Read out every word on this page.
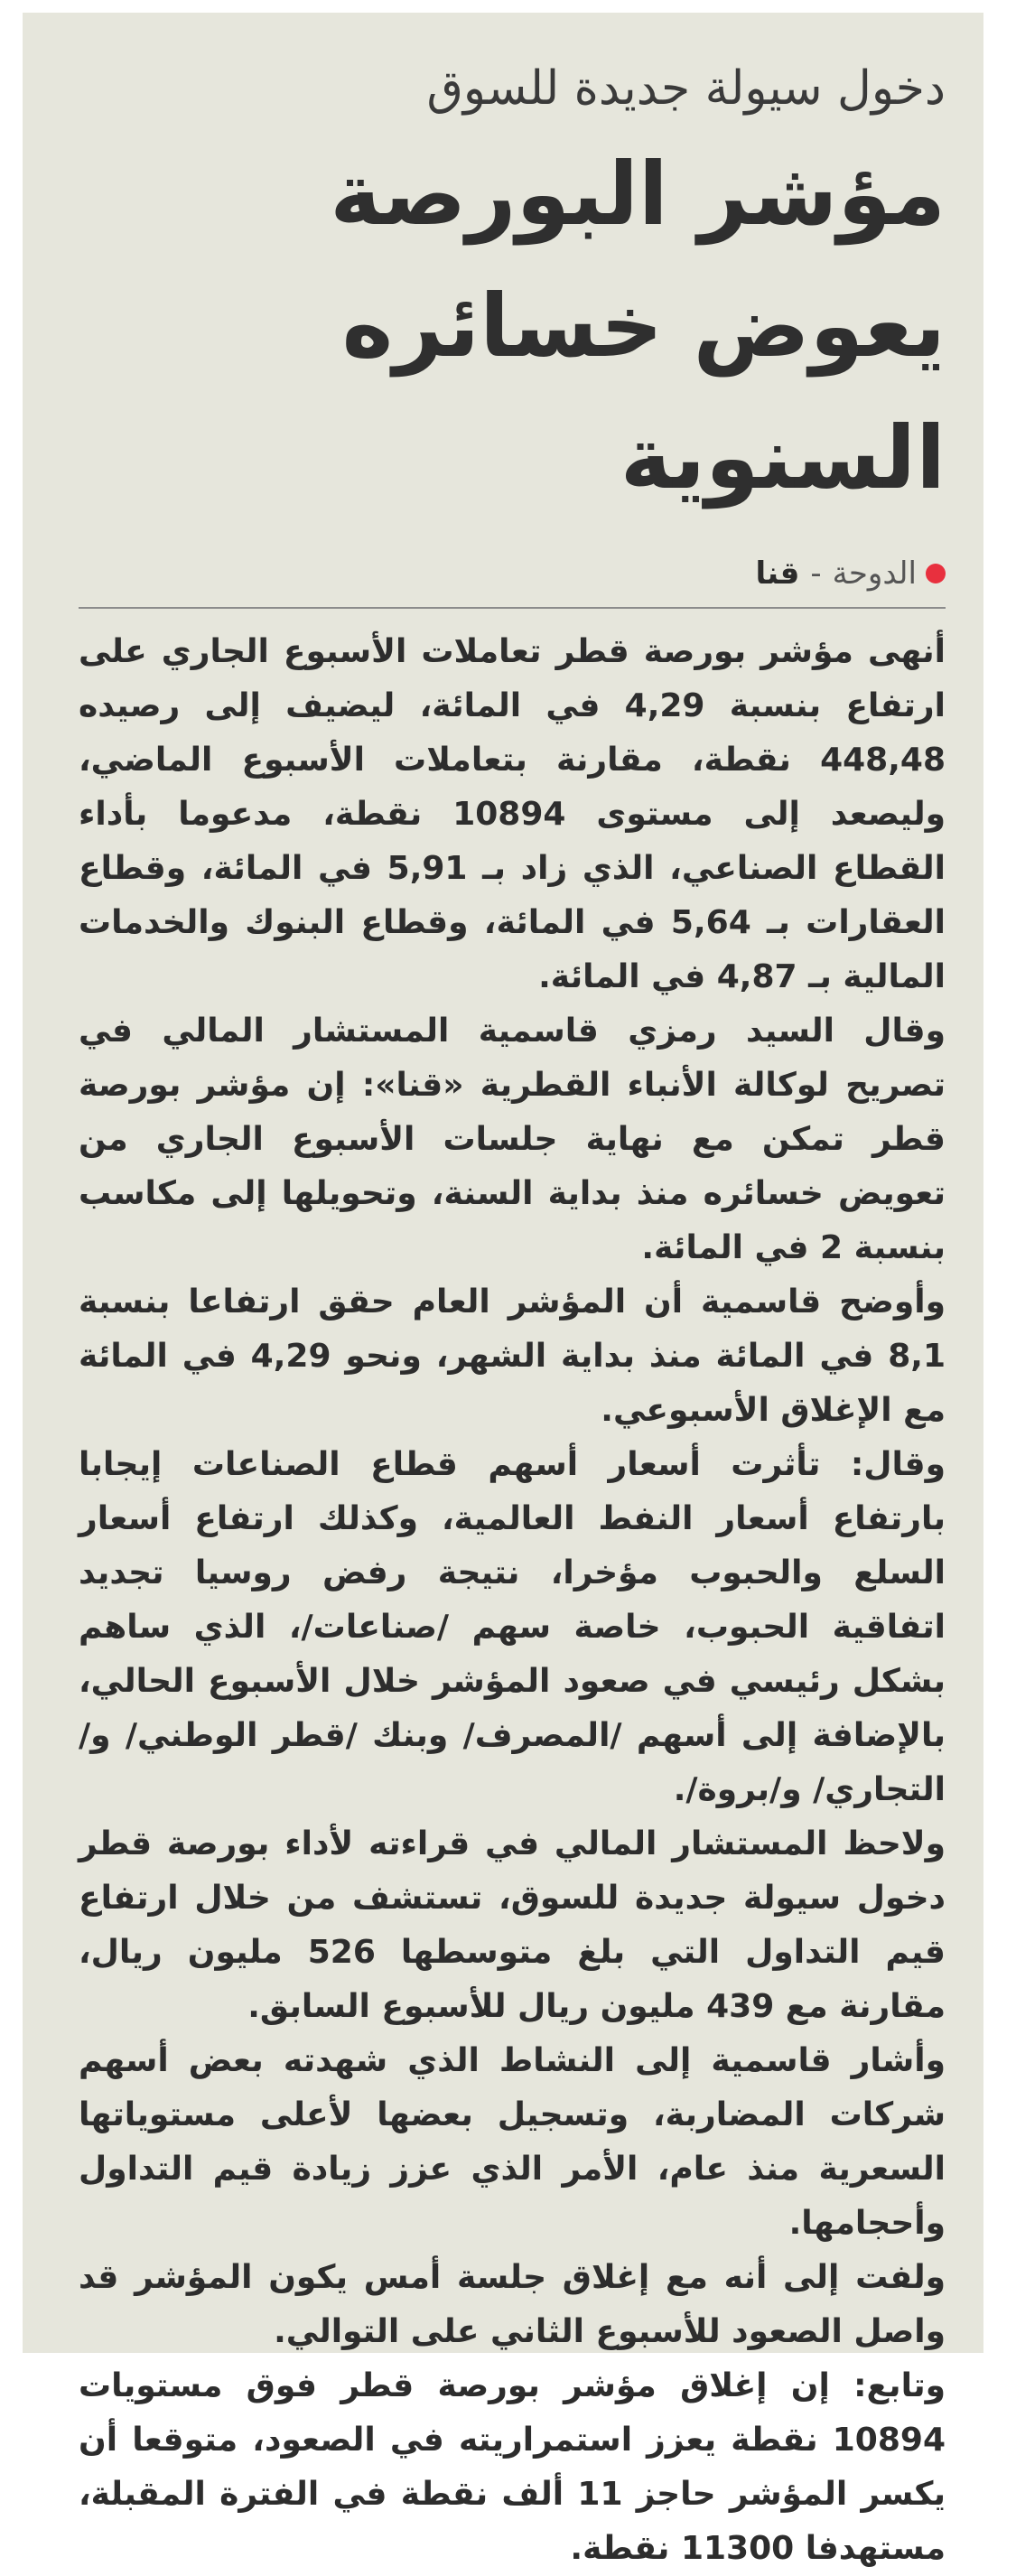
دخول سيولة جديدة للسوق
مؤشر البورصة يعوض خسائره السنوية
الدوحة
-
قنا

أنهى مؤشر بورصة قطر تعاملات الأسبوع الجاري على ارتفاع بنسبة 4,29 في المائة، ليضيف إلى رصيده 448,48 نقطة، مقارنة بتعاملات الأسبوع الماضي، وليصعد إلى مستوى 10894 نقطة، مدعوما بأداء القطاع الصناعي، الذي زاد بـ 5,91 في المائة، وقطاع العقارات بـ 5,64 في المائة، وقطاع البنوك والخدمات المالية بـ 4,87 في المائة.

وقال السيد رمزي قاسمية المستشار المالي في تصريح لوكالة الأنباء القطرية «قنا»: إن مؤشر بورصة قطر تمكن مع نهاية جلسات الأسبوع الجاري من تعويض خسائره منذ بداية السنة، وتحويلها إلى مكاسب بنسبة 2 في المائة.

وأوضح قاسمية أن المؤشر العام حقق ارتفاعا بنسبة 8,1 في المائة منذ بداية الشهر، ونحو 4,29 في المائة مع الإغلاق الأسبوعي.

وقال: تأثرت أسعار أسهم قطاع الصناعات إيجابا بارتفاع أسعار النفط العالمية، وكذلك ارتفاع أسعار السلع والحبوب مؤخرا، نتيجة رفض روسيا تجديد اتفاقية الحبوب، خاصة سهم /صناعات/، الذي ساهم بشكل رئيسي في صعود المؤشر خلال الأسبوع الحالي، بالإضافة إلى أسهم /المصرف/ وبنك /قطر الوطني/ و/التجاري/ و/بروة/.

ولاحظ المستشار المالي في قراءته لأداء بورصة قطر دخول سيولة جديدة للسوق، تستشف من خلال ارتفاع قيم التداول التي بلغ متوسطها 526 مليون ريال، مقارنة مع 439 مليون ريال للأسبوع السابق.

وأشار قاسمية إلى النشاط الذي شهدته بعض أسهم شركات المضاربة، وتسجيل بعضها لأعلى مستوياتها السعرية منذ عام، الأمر الذي عزز زيادة قيم التداول وأحجامها.

ولفت إلى أنه مع إغلاق جلسة أمس يكون المؤشر قد واصل الصعود للأسبوع الثاني على التوالي.

وتابع: إن إغلاق مؤشر بورصة قطر فوق مستويات 10894 نقطة يعزز استمراريته في الصعود، متوقعا أن يكسر المؤشر حاجز 11 ألف نقطة في الفترة المقبلة، مستهدفا 11300 نقطة.
